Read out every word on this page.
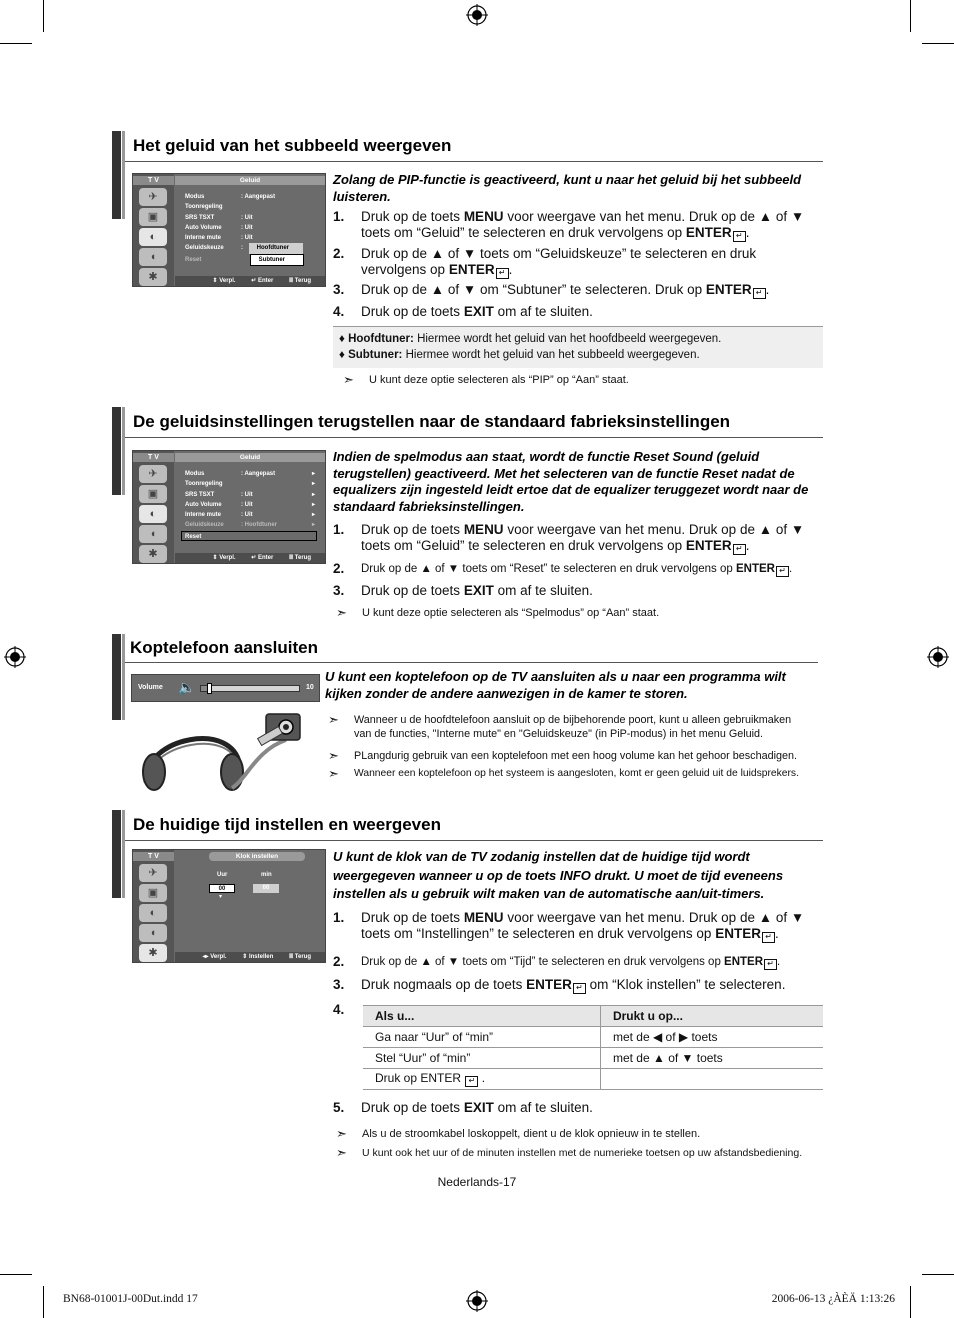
Het geluid van het subbeeld weergeven
T V
✈
▣
◐
◖
✱
Geluid
Modus	: Aangepast
Toonregeling
SRS TSXT	: Uit
Auto Volume	: Uit
Interne mute	: Uit
Geluidskeuze	: Hoofdtuner
Reset	Subtuner
⇕ Verpl.	↵ Enter	Ⅲ Terug
Zolang de PIP-functie is geactiveerd, kunt u naar het geluid bij het subbeeld luisteren.
1. Druk op de toets MENU voor weergave van het menu. Druk op de ▲ of ▼
toets om “Geluid” te selecteren en druk vervolgens op ENTER ↵ .
2. Druk op de ▲ of ▼ toets om “Geluidskeuze” te selecteren en druk
vervolgens op ENTER ↵ .
3. Druk op de ▲ of ▼ om “Subtuner” te selecteren. Druk op ENTER ↵ .
4. Druk op de toets EXIT om af te sluiten.
♦ Hoofdtuner: Hiermee wordt het geluid van het hoofdbeeld weergegeven.
♦ Subtuner: Hiermee wordt het geluid van het subbeeld weergegeven.
➣ U kunt deze optie selecteren als “PIP” op “Aan” staat.
De geluidsinstellingen terugstellen naar de standaard fabrieksinstellingen
T V
✈
▣
◐
◖
✱
Geluid
Modus	: Aangepast	▸
Toonregeling	▸
SRS TSXT	: Uit	▸
Auto Volume	: Uit	▸
Interne mute	: Uit	▸
Geluidskeuze	: Hoofdtuner	▸
Reset
⇕ Verpl.	↵ Enter	Ⅲ Terug
Indien de spelmodus aan staat, wordt de functie Reset Sound (geluid terugstellen) geactiveerd. Met het selecteren van de functie Reset nadat de equalizers zijn ingesteld leidt ertoe dat de equalizer teruggezet wordt naar de standaard fabrieksinstellingen.
1. Druk op de toets MENU voor weergave van het menu. Druk op de ▲ of ▼
toets om “Geluid” te selecteren en druk vervolgens op ENTER ↵ .
2. Druk op de ▲ of ▼ toets om “Reset” te selecteren en druk vervolgens op ENTER ↵ .
3. Druk op de toets EXIT om af te sluiten.
➣ U kunt deze optie selecteren als “Spelmodus” op “Aan” staat.
Koptelefoon aansluiten
Volume 🔈	10
U kunt een koptelefoon op de TV aansluiten als u naar een programma wilt kijken zonder de andere aanwezigen in de kamer te storen.
➣ Wanneer u de hoofdtelefoon aansluit op de bijbehorende poort, kunt u alleen gebruikmaken
van de functies, "Interne mute" en "Geluidskeuze" (in PiP-modus) in het menu Geluid.
➣ PLangdurig gebruik van een koptelefoon met een hoog volume kan het gehoor beschadigen.
➣ Wanneer een koptelefoon op het systeem is aangesloten, komt er geen geluid uit de luidsprekers.
De huidige tijd instellen en weergeven
T V
✈
▣
◐
◖
✱
Klok instellen
Uur	min
00	00
▾
◂▸ Verpl.	⇕ Instellen	Ⅲ Terug
U kunt de klok van de TV zodanig instellen dat de huidige tijd wordt weergegeven wanneer u op de toets INFO drukt. U moet de tijd eveneens instellen als u gebruik wilt maken van de automatische aan/uit-timers.
1. Druk op de toets MENU voor weergave van het menu. Druk op de ▲ of ▼
toets om “Instellingen” te selecteren en druk vervolgens op ENTER ↵ .
2. Druk op de ▲ of ▼ toets om “Tijd” te selecteren en druk vervolgens op ENTER ↵ .
3. Druk nogmaals op de toets ENTER ↵ om “Klok instellen” te selecteren.
4.	Als u...	Drukt u op...
Ga naar “Uur” of “min”	met de ◀ of ▶ toets
Stel “Uur” of “min”	met de ▲ of ▼ toets
Druk op ENTER ↵ .	
5. Druk op de toets EXIT om af te sluiten.
➣ Als u de stroomkabel loskoppelt, dient u de klok opnieuw in te stellen.
➣ U kunt ook het uur of de minuten instellen met de numerieke toetsen op uw afstandsbediening.
Nederlands-17
BN68-01001J-00Dut.indd 17	2006-06-13 ¿ÀÈÄ 1:13:26
